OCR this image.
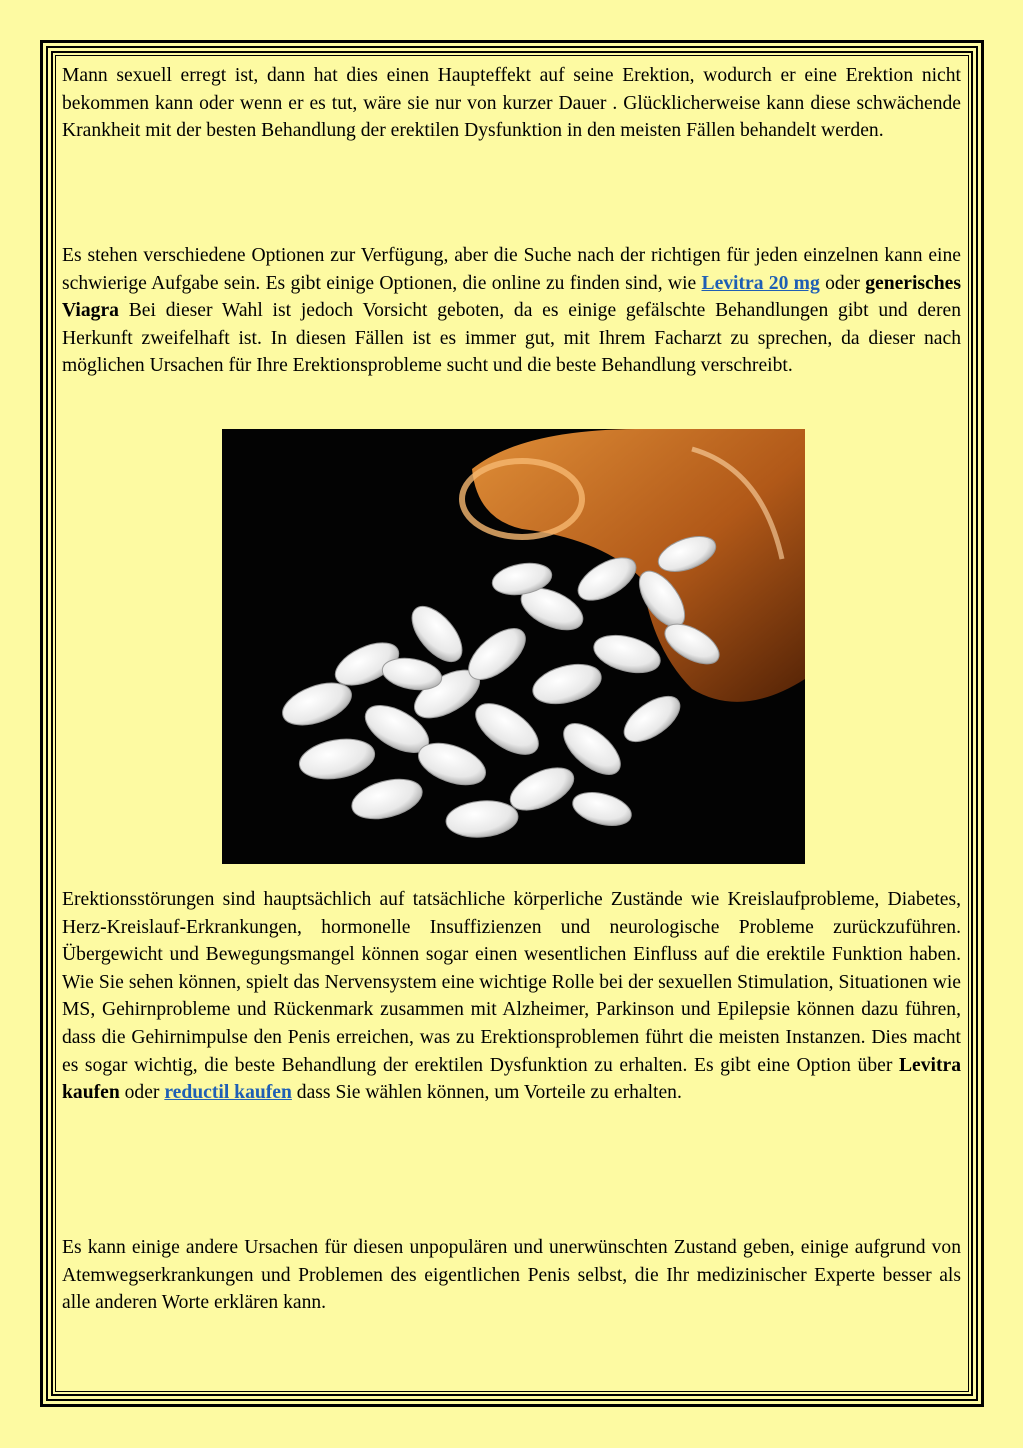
Mann sexuell erregt ist, dann hat dies einen Haupteffekt auf seine Erektion, wodurch er eine Erektion nicht bekommen kann oder wenn er es tut, wäre sie nur von kurzer Dauer . Glücklicherweise kann diese schwächende Krankheit mit der besten Behandlung der erektilen Dysfunktion in den meisten Fällen behandelt werden.

Es stehen verschiedene Optionen zur Verfügung, aber die Suche nach der richtigen für jeden einzelnen kann eine schwierige Aufgabe sein. Es gibt einige Optionen, die online zu finden sind, wie Levitra 20 mg oder generisches Viagra Bei dieser Wahl ist jedoch Vorsicht geboten, da es einige gefälschte Behandlungen gibt und deren Herkunft zweifelhaft ist. In diesen Fällen ist es immer gut, mit Ihrem Facharzt zu sprechen, da dieser nach möglichen Ursachen für Ihre Erektionsprobleme sucht und die beste Behandlung verschreibt.

Erektionsstörungen sind hauptsächlich auf tatsächliche körperliche Zustände wie Kreislaufprobleme, Diabetes, Herz-Kreislauf-Erkrankungen, hormonelle Insuffizienzen und neurologische Probleme zurückzuführen. Übergewicht und Bewegungsmangel können sogar einen wesentlichen Einfluss auf die erektile Funktion haben. Wie Sie sehen können, spielt das Nervensystem eine wichtige Rolle bei der sexuellen Stimulation, Situationen wie MS, Gehirnprobleme und Rückenmark zusammen mit Alzheimer, Parkinson und Epilepsie können dazu führen, dass die Gehirnimpulse den Penis erreichen, was zu Erektionsproblemen führt die meisten Instanzen. Dies macht es sogar wichtig, die beste Behandlung der erektilen Dysfunktion zu erhalten. Es gibt eine Option über Levitra kaufen oder reductil kaufen dass Sie wählen können, um Vorteile zu erhalten.

Es kann einige andere Ursachen für diesen unpopulären und unerwünschten Zustand geben, einige aufgrund von Atemwegserkrankungen und Problemen des eigentlichen Penis selbst, die Ihr medizinischer Experte besser als alle anderen Worte erklären kann.
